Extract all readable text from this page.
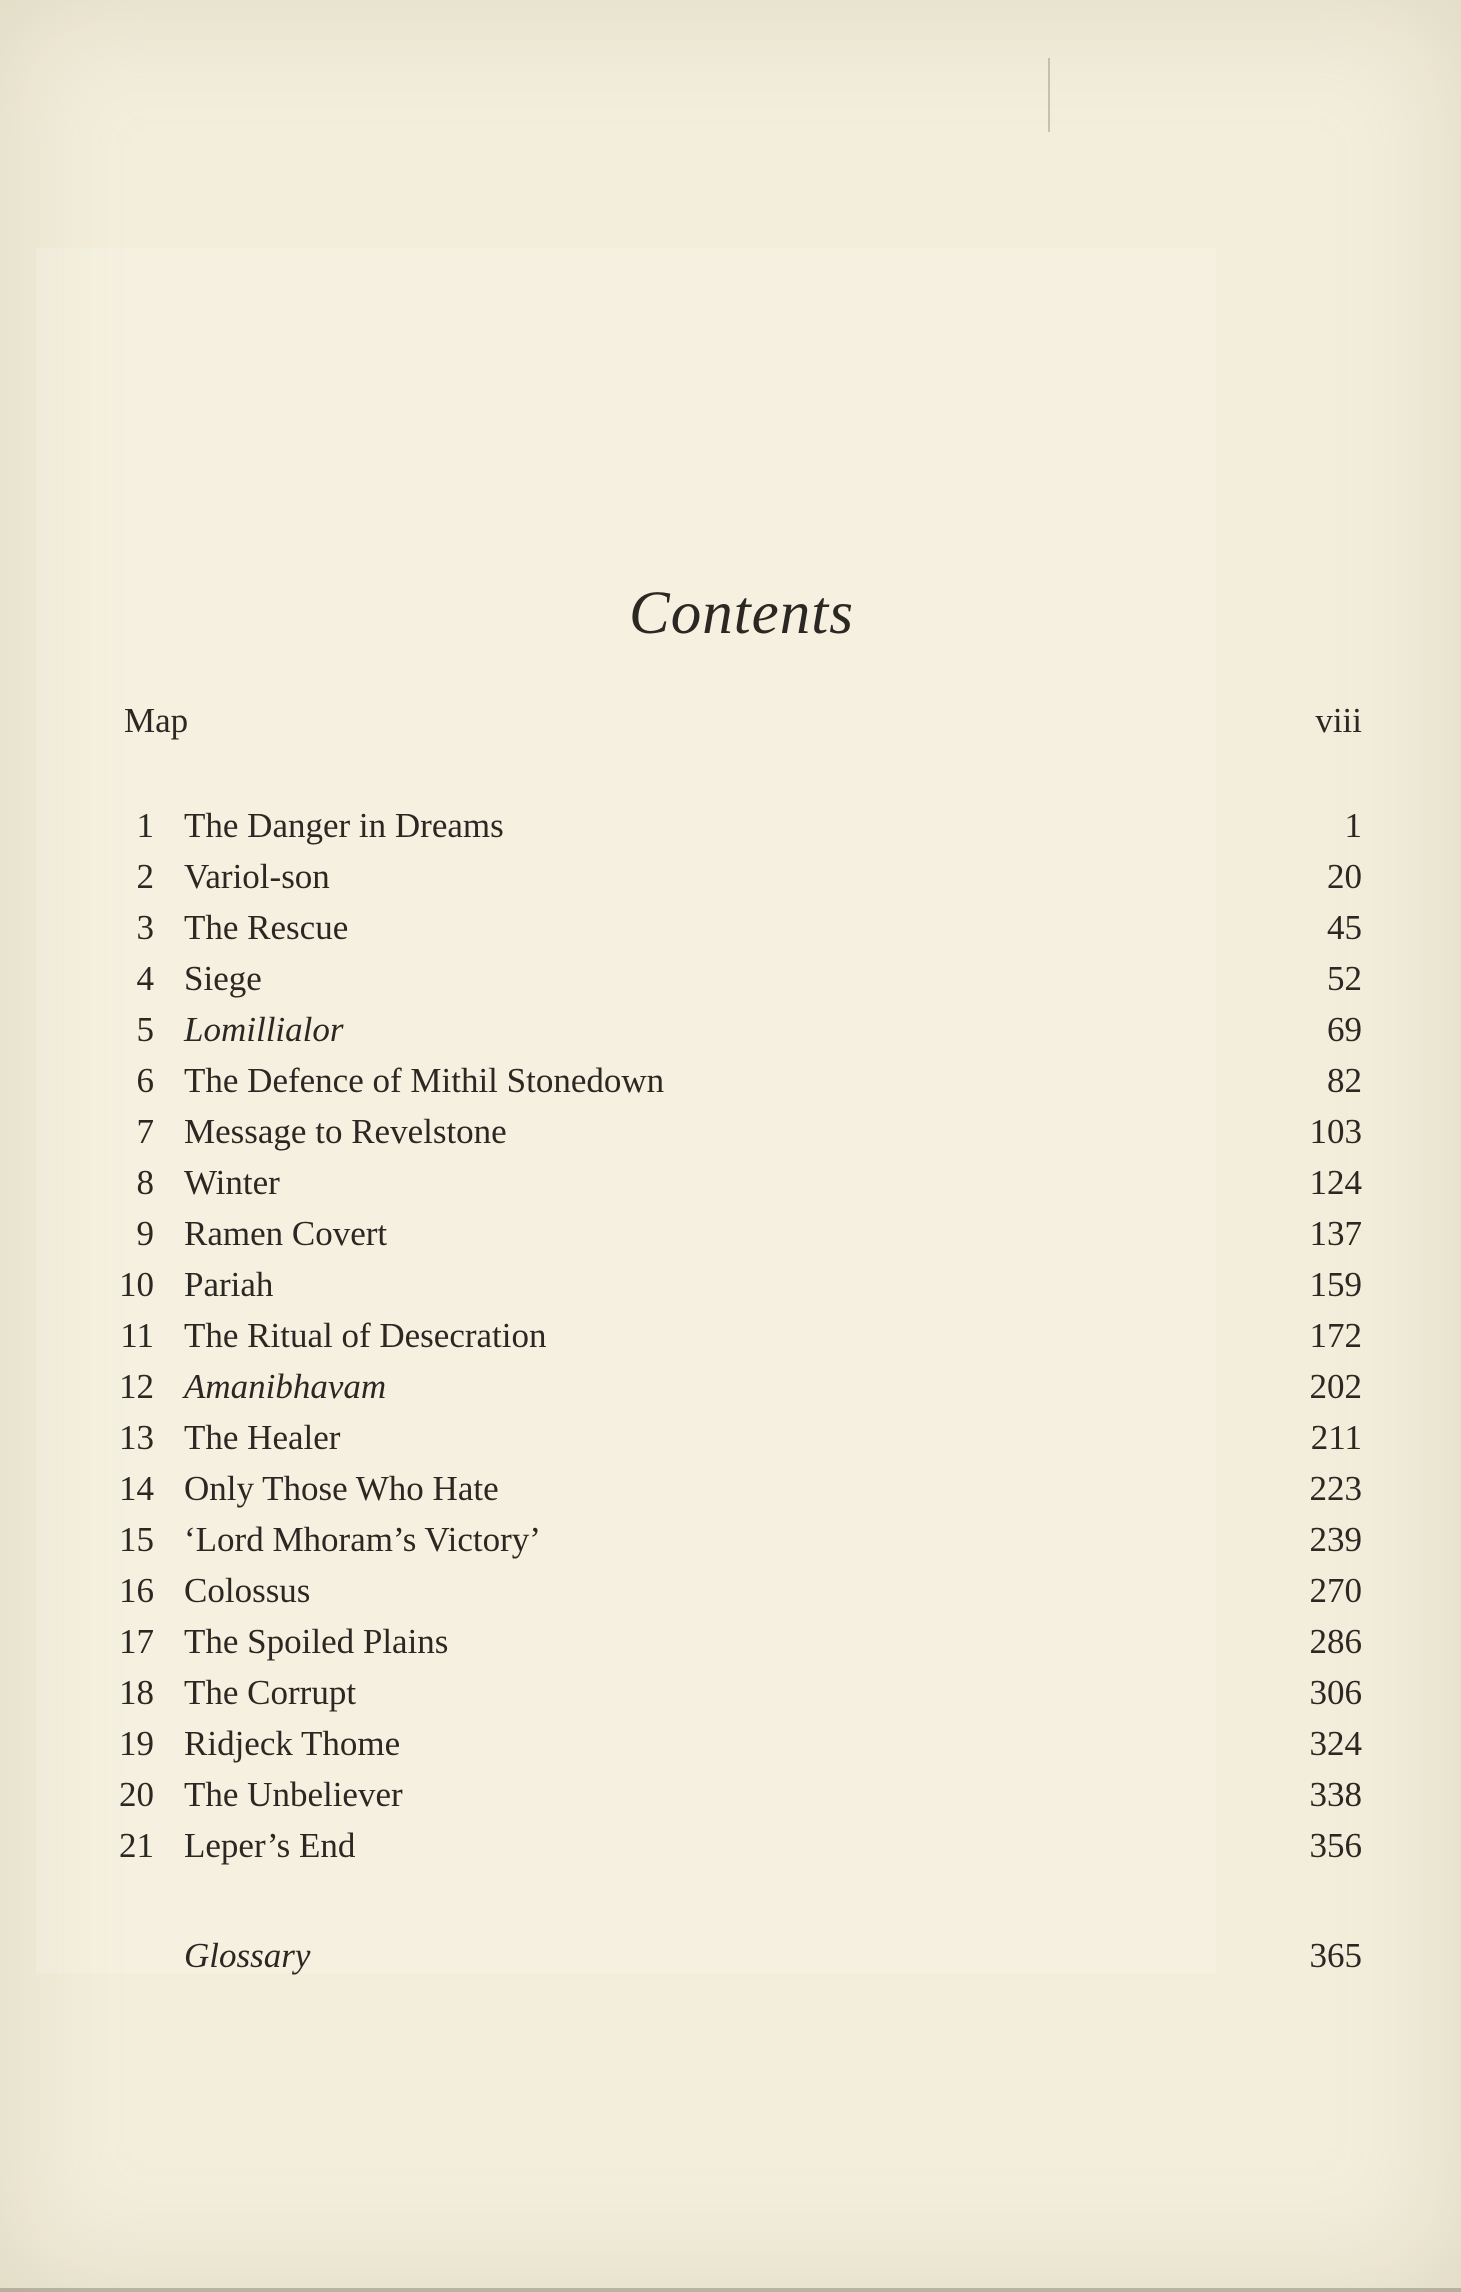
Contents
Map	viii
1 The Danger in Dreams	1
2 Variol-son	20
3 The Rescue	45
4 Siege	52
5 Lomillialor	69
6 The Defence of Mithil Stonedown	82
7 Message to Revelstone	103
8 Winter	124
9 Ramen Covert	137
10 Pariah	159
11 The Ritual of Desecration	172
12 Amanibhavam	202
13 The Healer	211
14 Only Those Who Hate	223
15 ‘Lord Mhoram’s Victory’	239
16 Colossus	270
17 The Spoiled Plains	286
18 The Corrupt	306
19 Ridjeck Thome	324
20 The Unbeliever	338
21 Leper’s End	356
Glossary	365
